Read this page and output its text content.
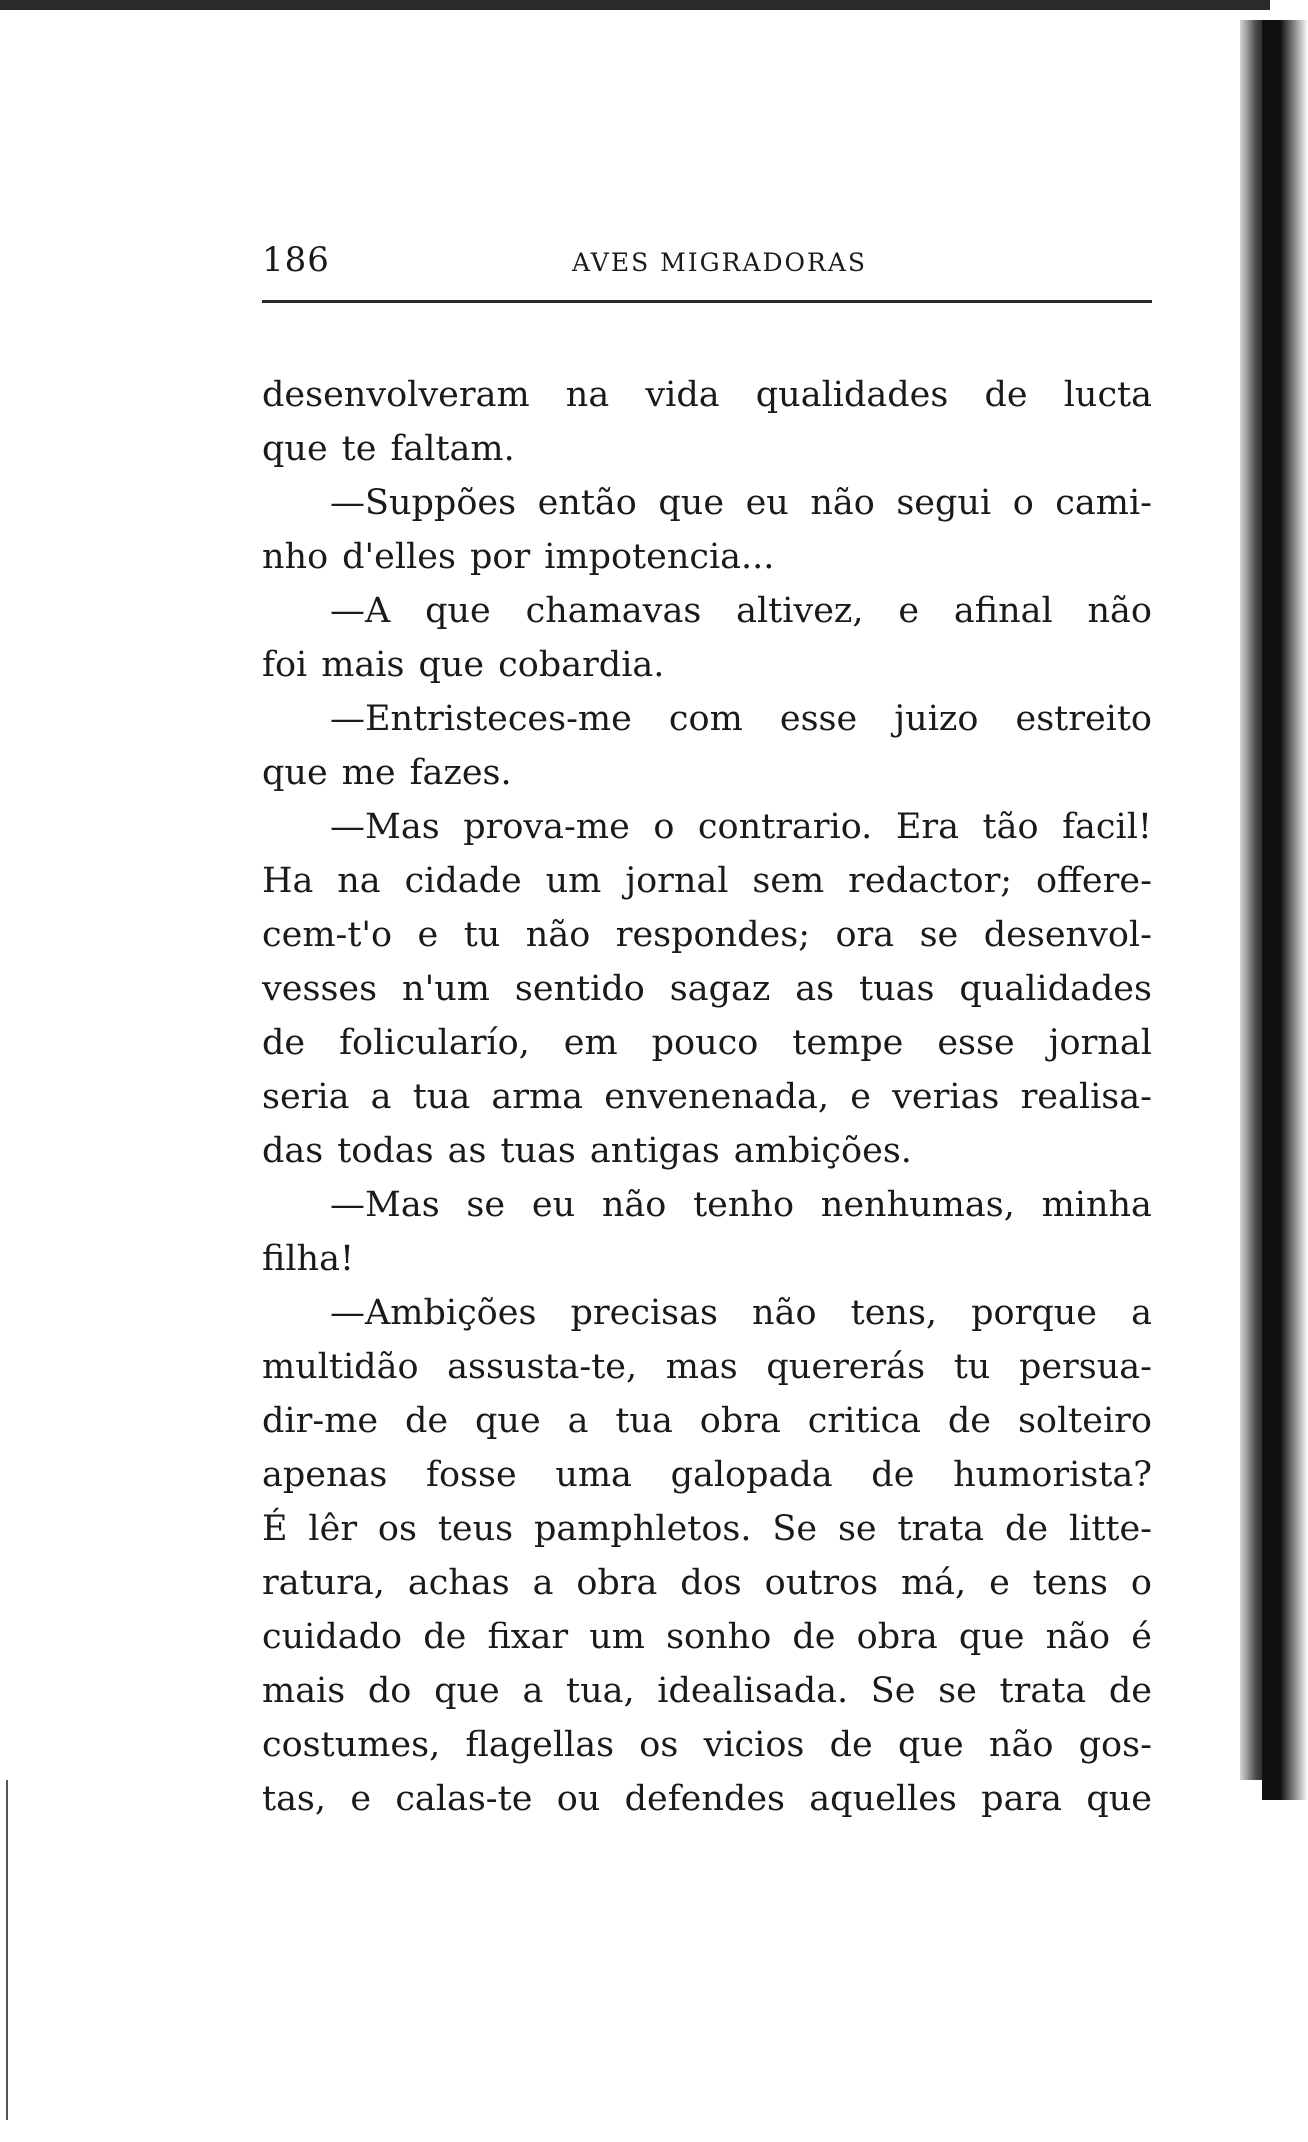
186	AVES MIGRADORAS
desenvolveram na vida qualidades de lucta
que te faltam.
—Suppões então que eu não segui o cami-
nho d'elles por impotencia...
—A que chamavas altivez, e afinal não
foi mais que cobardia.
—Entristeces-me com esse juizo estreito
que me fazes.
—Mas prova-me o contrario. Era tão facil!
Ha na cidade um jornal sem redactor; offere-
cem-t'o e tu não respondes; ora se desenvol-
vesses n'um sentido sagaz as tuas qualidades
de folicularío, em pouco tempe esse jornal
seria a tua arma envenenada, e verias realisa-
das todas as tuas antigas ambições.
—Mas se eu não tenho nenhumas, minha
filha!
—Ambições precisas não tens, porque a
multidão assusta-te, mas quererás tu persua-
dir-me de que a tua obra critica de solteiro
apenas fosse uma galopada de humorista?
É lêr os teus pamphletos. Se se trata de litte-
ratura, achas a obra dos outros má, e tens o
cuidado de fixar um sonho de obra que não é
mais do que a tua, idealisada. Se se trata de
costumes, flagellas os vicios de que não gos-
tas, e calas-te ou defendes aquelles para que
